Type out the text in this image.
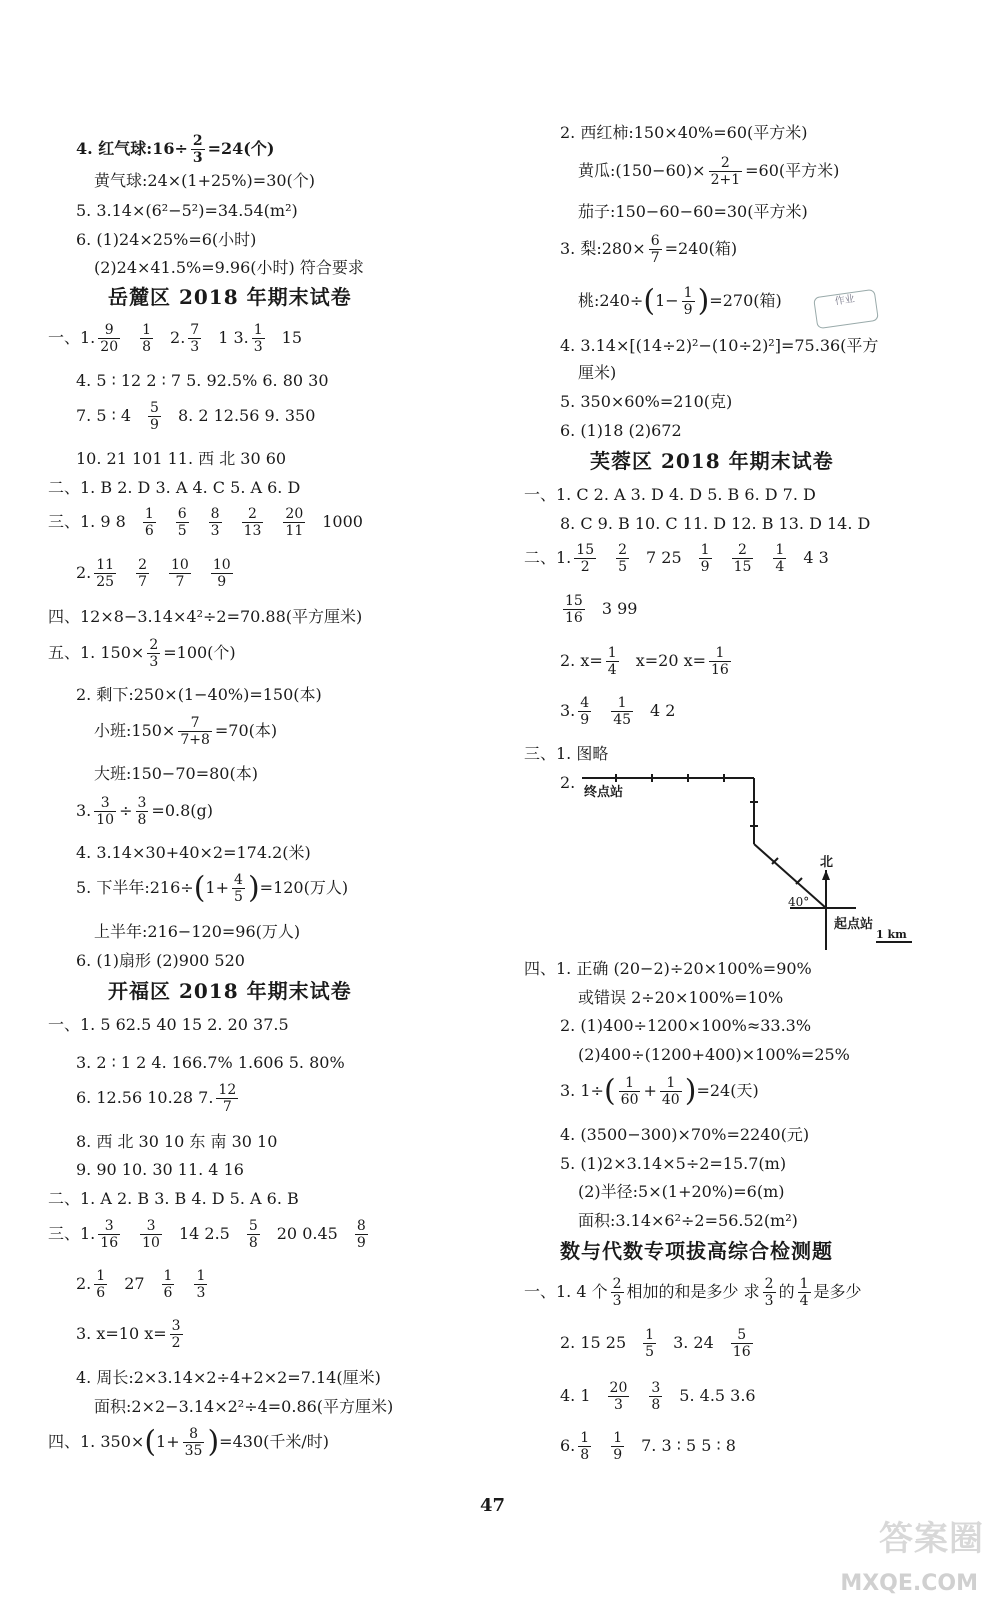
4. 红气球:16÷ $\frac{2}{3} =24$(个)
黄气球:24×(1+25%)=30(个)
5. 3.14×(6²−5²)=34.54(m²)
6. (1)24×25%=6(小时)
(2)24×41.5%=9.96(小时) 符合要求
岳麓区 2018 年期末试卷
一、1. $\frac{9}{20} \frac{1}{8} 2$. $\frac{7}{3} 1$ 3. $\frac{1}{3} 15$
4. 5 ∶ 12 2 ∶ 7 5. 92.5% 6. 80 30
7. 5 ∶ $4 \frac{5}{9} 8$. 2 12.56 9. 350
10. 21 101 11. 西 北 30 60
二、1. B 2. D 3. A 4. C 5. A 6. D
三、1. 9 $8 \frac{1}{6} \frac{6}{5} \frac{8}{3} \frac{2}{13} \frac{20}{11} 1000$
2. $\frac{11}{25} \frac{2}{7} \frac{10}{7} \frac{10}{9}$
四、12×8−3.14×4²÷2=70.88(平方厘米)
五、1. $150\times \frac{2}{3} =100$(个)
2. 剩下:250×(1−40%)=150(本)
小班:150× $\frac{7}{7+8} =70$(本)
大班:150−70=80(本)
3. $\frac{3}{10} \div \frac{3}{8} =0.8(g)$
4. 3.14×30+40×2=174.2(米)
5. 下半年:216÷(1+ $\frac{4}{5} )=120$(万人)
上半年:216−120=96(万人)
6. (1)扇形 (2)900 520
开福区 2018 年期末试卷
一、1. 5 62.5 40 15 2. 20 37.5
3. 2 ∶ 1 2 4. 166.7% 1.606 5. 80%
6. 12.56 10.28 7. $\frac{12}{7}$
8. 西 北 30 10 东 南 30 10
9. 90 10. 30 11. 4 16
二、1. A 2. B 3. B 4. D 5. A 6. B
三、1. $\frac{3}{16} \frac{3}{10} 14$ $2.5 \frac{5}{8} 20$ $0.45 \frac{8}{9}$
2. $\frac{1}{6} 27 \frac{1}{6} \frac{1}{3}$
3. x=10 $x= \frac{3}{2}$
4. 周长:2×3.14×2÷4+2×2=7.14(厘米)
面积:2×2−3.14×2²÷4=0.86(平方厘米)
四、1. $350\times(1+ \frac{8}{35} )=430$(千米/时)
2. 西红柿:150×40%=60(平方米)
黄瓜:(150−60)× $\frac{2}{2+1} =60$(平方米)
茄子:150−60−60=30(平方米)
3. 梨:280× $\frac{6}{7} =240$(箱)
桃:240÷(1− $\frac{1}{9} )=270$(箱)
4. 3.14×[(14÷2)²−(10÷2)²]=75.36(平方
厘米)
5. 350×60%=210(克)
6. (1)18 (2)672
芙蓉区 2018 年期末试卷
一、1. C 2. A 3. D 4. D 5. B 6. D 7. D
8. C 9. B 10. C 11. D 12. B 13. D 14. D
二、1. $\frac{15}{2} \frac{2}{5} 7$ $25 \frac{1}{9} \frac{2}{15} \frac{1}{4} 4$ 3
$\frac{15}{16} 3$ 99
2. $x= \frac{1}{4} x=20$ $x= \frac{1}{16}$
3. $\frac{4}{9} \frac{1}{45} 4$ 2
三、1. 图略
2.
终点站
北
40°
起点站
1 km
四、1. 正确 (20−2)÷20×100%=90%
或错误 2÷20×100%=10%
2. (1)400÷1200×100%≈33.3%
(2)400÷(1200+400)×100%=25%
3. $1\div( \frac{1}{60} + \frac{1}{40} )=24$(天)
4. (3500−300)×70%=2240(元)
5. (1)2×3.14×5÷2=15.7(m)
(2)半径:5×(1+20%)=6(m)
面积:3.14×6²÷2=56.52(m²)
数与代数专项拔高综合检测题
一、1. 4 个 $\frac{2}{3}$ 相加的和是多少 求 $\frac{2}{3}$ 的 $\frac{1}{4}$ 是多少
2. 15 $25 \frac{1}{5} 3$. $24 \frac{5}{16}$
4. $1 \frac{20}{3} \frac{3}{8} 5$. 4.5 3.6
6. $\frac{1}{8} \frac{1}{9} 7$. 3 ∶ 5 5 ∶ 8
作业
47
答案圈
MXQE.COM
